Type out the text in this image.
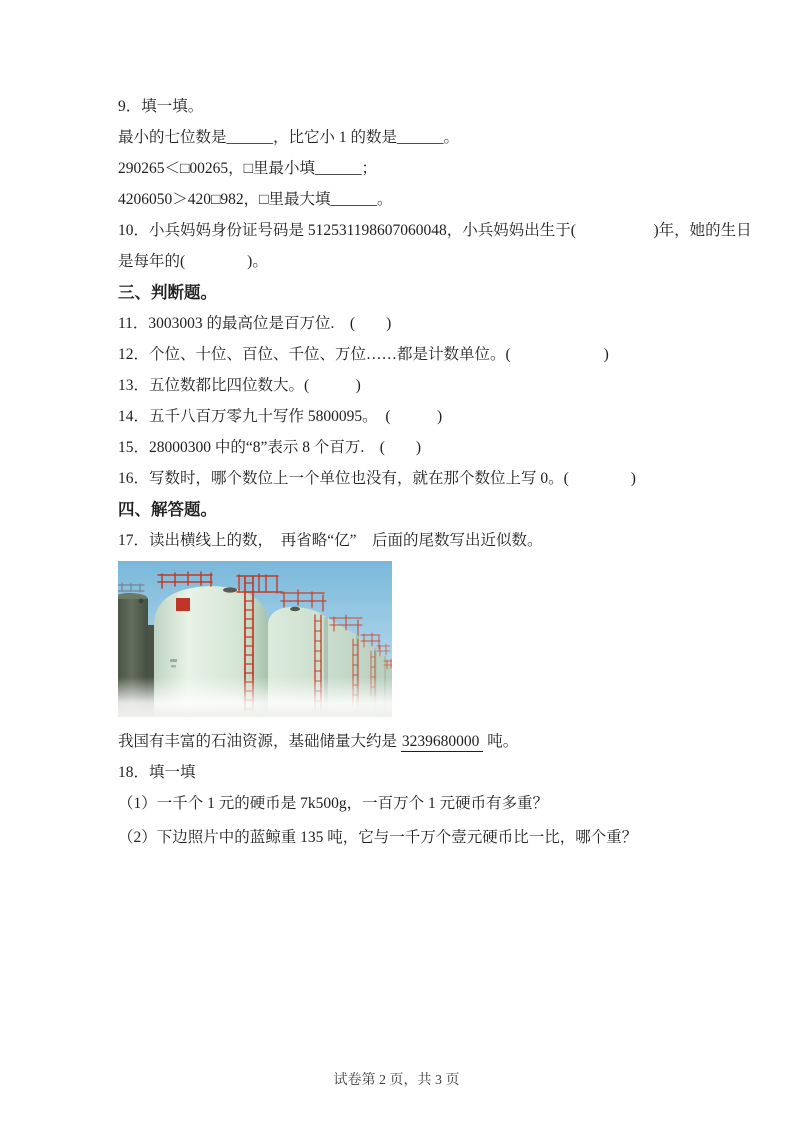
9．填一填。

最小的七位数是______，比它小 1 的数是______。

290265＜□00265，□里最小填______；

4206050＞420□982，□里最大填______。

10．小兵妈妈身份证号码是 512531198607060048，小兵妈妈出生于(　　　　　)年，她的生日

是每年的(　　　　)。

三、判断题。

11．3003003 的最高位是百万位.　(　　)

12．个位、十位、百位、千位、万位……都是计数单位。(　　　　　　)

13．五位数都比四位数大。(　　　)

14．五千八百万零九十写作 5800095。　(　　　)

15．28000300 中的“8”表示 8 个百万.　(　　)

16．写数时，哪个数位上一个单位也没有，就在那个数位上写 0。(　　　　)

四、解答题。

17．读出横线上的数，　再省略“亿”　后面的尾数写出近似数。

我国有丰富的石油资源，基础储量大约是 3239680000 吨。

18．填一填

（1）一千个 1 元的硬币是 7k500g，一百万个 1 元硬币有多重？

（2）下边照片中的蓝鲸重 135 吨，它与一千万个壹元硬币比一比，哪个重？

试卷第 2 页，共 3 页
